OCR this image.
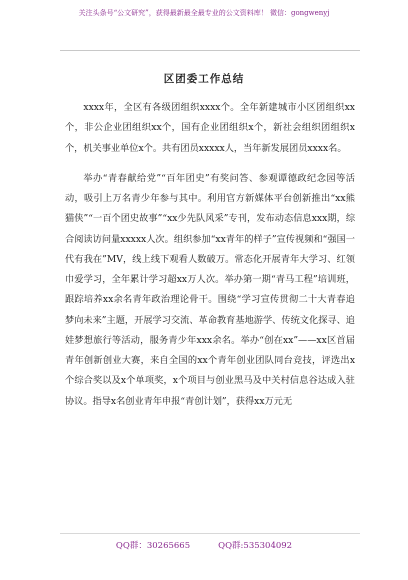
关注头条号“公文研究”，获得最新最全最专业的公文资料库！ 微信：gongwenyj
区团委工作总结

xxxx年，全区有各级团组织xxxx个。全年新建城市小区团组织xx个，非公企业团组织xx个，国有企业团组织x个，新社会组织团组织x个，机关事业单位x个。共有团员xxxxx人，当年新发展团员xxxx名。

举办“青春献给党”“百年团史”有奖问答、参观谭德政纪念园等活动，吸引上万名青少年参与其中。利用官方新媒体平台创新推出“xx熊猫侠”“一百个团史故事”“xx少先队风采”专刊，发布动态信息xxx期，综合阅读访问量xxxxx人次。组织参加“xx青年的样子”宣传视频和“强国一代有我在”MV，线上线下观看人数破万。常态化开展青年大学习、红领巾爱学习，全年累计学习超xx万人次。举办第一期“青马工程”培训班，跟踪培养xx余名青年政治理论骨干。围绕“学习宣传贯彻二十大青春追梦向未来”主题，开展学习交流、革命教育基地游学、传统文化探寻、追娃梦想旅行等活动，服务青少年xxx余名。举办“创在xx”——xx区首届青年创新创业大赛，来自全国的xx个青年创业团队同台竞技，评选出x个综合奖以及x个单项奖，x个项目与创业黑马及中关村信息谷达成入驻协议。指导x名创业青年申报“青创计划”，获得xx万元无

QQ群：30265665	QQ群:535304092
